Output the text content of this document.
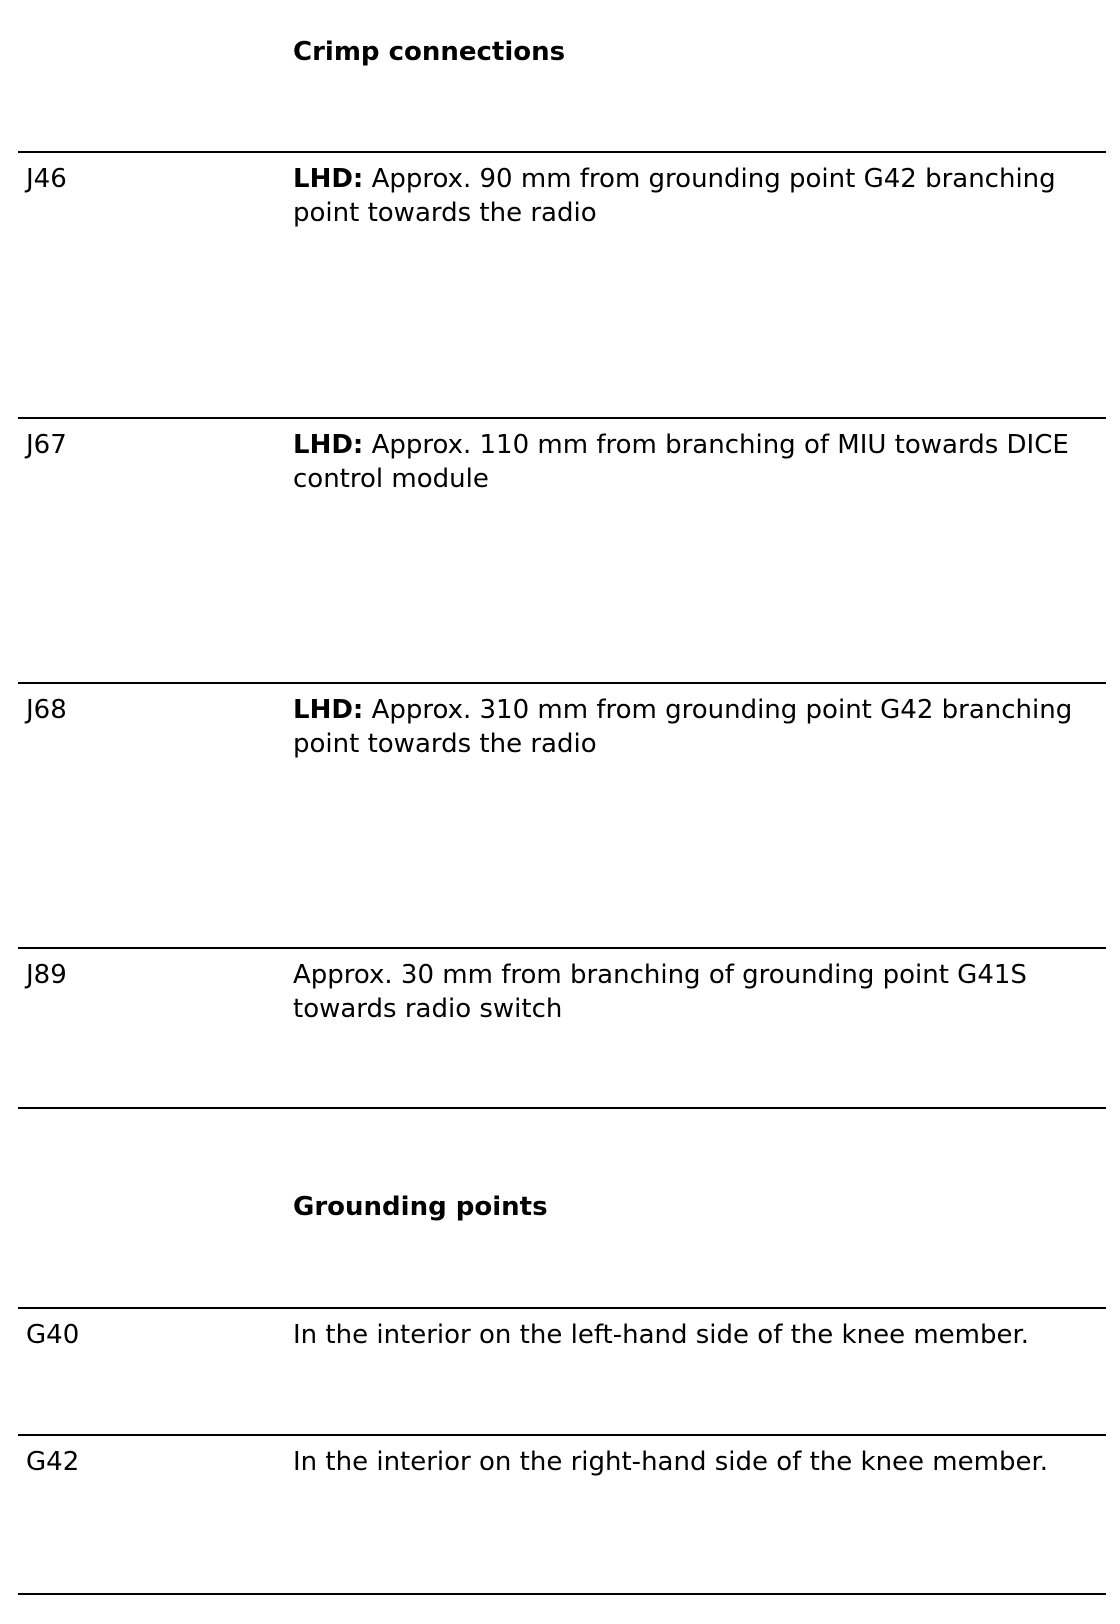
Crimp connections
J46	LHD: Approx. 90 mm from grounding point G42 branching point towards the radio
J67	LHD: Approx. 110 mm from branching of MIU towards DICE control module
J68	LHD: Approx. 310 mm from grounding point G42 branching point towards the radio
J89	Approx. 30 mm from branching of grounding point G41S towards radio switch
Grounding points
G40	In the interior on the left-hand side of the knee member.
G42	In the interior on the right-hand side of the knee member.
